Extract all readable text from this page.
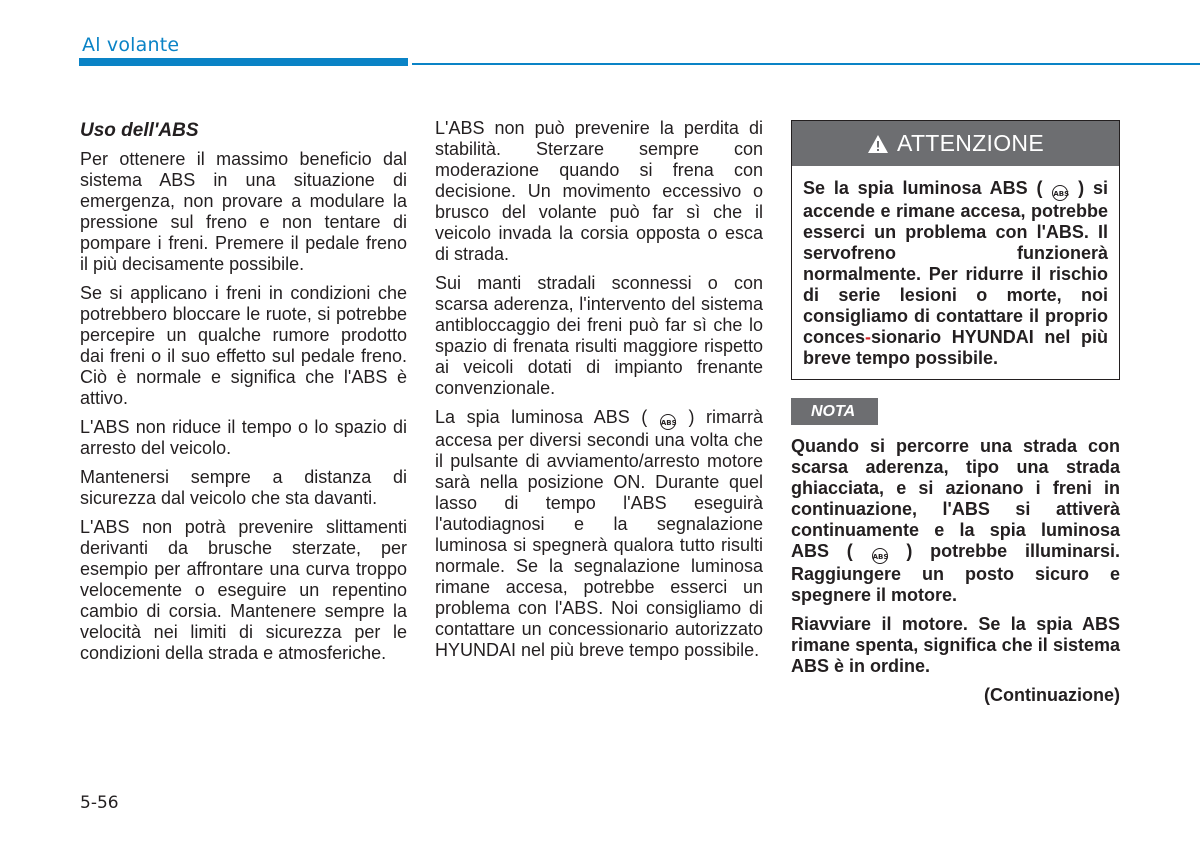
Al volante

Uso dell'ABS

Per ottenere il massimo beneficio dal sistema ABS in una situazione di emergenza, non provare a modulare la pressione sul freno e non tentare di pompare i freni. Premere il pedale freno il più decisamente possibile.

Se si applicano i freni in condizioni che potrebbero bloccare le ruote, si potrebbe percepire un qualche rumore prodotto dai freni o il suo effetto sul pedale freno. Ciò è normale e significa che l'ABS è attivo.

L'ABS non riduce il tempo o lo spazio di arresto del veicolo.

Mantenersi sempre a distanza di sicurezza dal veicolo che sta davanti.

L'ABS non potrà prevenire slittamenti derivanti da brusche sterzate, per esempio per affrontare una curva troppo velocemente o eseguire un repentino cambio di corsia. Mantenere sempre la velocità nei limiti di sicurezza per le condizioni della strada e atmosferiche.

L'ABS non può prevenire la perdita di stabilità. Sterzare sempre con moderazione quando si frena con decisione. Un movimento eccessivo o brusco del volante può far sì che il veicolo invada la corsia opposta o esca di strada.

Sui manti stradali sconnessi o con scarsa aderenza, l'intervento del sistema antibloccaggio dei freni può far sì che lo spazio di frenata risulti maggiore rispetto ai veicoli dotati di impianto frenante convenzionale.

La spia luminosa ABS ( ABS ) rimarrà accesa per diversi secondi una volta che il pulsante di avviamento/arresto motore sarà nella posizione ON. Durante quel lasso di tempo l'ABS eseguirà l'autodiagnosi e la segnalazione luminosa si spegnerà qualora tutto risulti normale. Se la segnalazione luminosa rimane accesa, potrebbe esserci un problema con l'ABS. Noi consigliamo di contattare un concessionario autorizzato HYUNDAI nel più breve tempo possibile.

ATTENZIONE
Se la spia luminosa ABS ( ABS ) si accende e rimane accesa, potrebbe esserci un problema con l'ABS. Il servofreno funzionerà normalmente. Per ridurre il rischio di serie lesioni o morte, noi consigliamo di contattare il proprio conces-sionario HYUNDAI nel più breve tempo possibile.
NOTA

Quando si percorre una strada con scarsa aderenza, tipo una strada ghiacciata, e si azionano i freni in continuazione, l'ABS si attiverà continuamente e la spia luminosa ABS (	ABS ) potrebbe illuminarsi. Raggiungere un posto sicuro e spegnere il motore.

Riavviare il motore. Se la spia ABS rimane spenta, significa che il sistema ABS è in ordine.

(Continuazione)
5-56
